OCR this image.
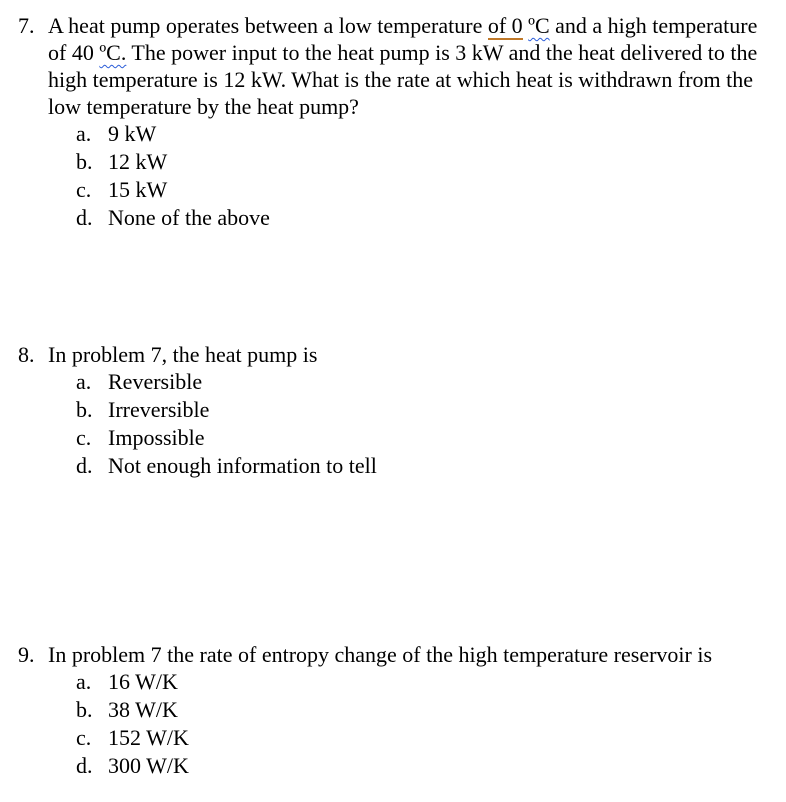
7. A heat pump operates between a low temperature of 0 ºC and a high temperature of 40 ºC. The power input to the heat pump is 3 kW and the heat delivered to the high temperature is 12 kW. What is the rate at which heat is withdrawn from the low temperature by the heat pump?
a. 9 kW
b. 12 kW
c. 15 kW
d. None of the above
8. In problem 7, the heat pump is
a. Reversible
b. Irreversible
c. Impossible
d. Not enough information to tell
9. In problem 7 the rate of entropy change of the high temperature reservoir is
a. 16 W/K
b. 38 W/K
c. 152 W/K
d. 300 W/K
